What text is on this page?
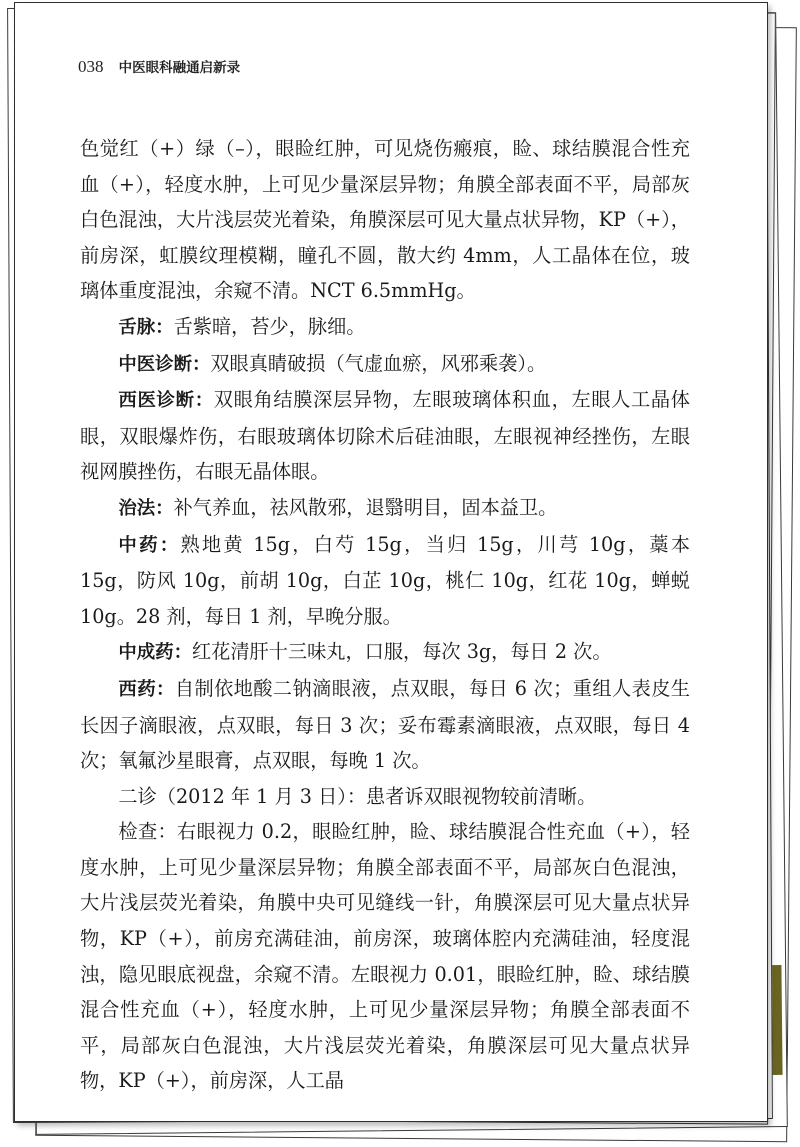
038 中医眼科融通启新录

色觉红（+）绿（–），眼睑红肿，可见烧伤瘢痕，睑、球结膜混合性充血（+），轻度水肿，上可见少量深层异物；角膜全部表面不平，局部灰白色混浊，大片浅层荧光着染，角膜深层可见大量点状异物，KP（+），前房深，虹膜纹理模糊，瞳孔不圆，散大约 4mm，人工晶体在位，玻璃体重度混浊，余窥不清。NCT 6.5mmHg。

舌脉：舌紫暗，苔少，脉细。

中医诊断：双眼真睛破损（气虚血瘀，风邪乘袭）。

西医诊断：双眼角结膜深层异物，左眼玻璃体积血，左眼人工晶体眼，双眼爆炸伤，右眼玻璃体切除术后硅油眼，左眼视神经挫伤，左眼视网膜挫伤，右眼无晶体眼。

治法：补气养血，祛风散邪，退翳明目，固本益卫。

中药：熟地黄 15g，白芍 15g，当归 15g，川芎 10g，藁本 15g，防风 10g，前胡 10g，白芷 10g，桃仁 10g，红花 10g，蝉蜕 10g。28 剂，每日 1 剂，早晚分服。

中成药：红花清肝十三味丸，口服，每次 3g，每日 2 次。

西药：自制依地酸二钠滴眼液，点双眼，每日 6 次；重组人表皮生长因子滴眼液，点双眼，每日 3 次；妥布霉素滴眼液，点双眼，每日 4 次；氧氟沙星眼膏，点双眼，每晚 1 次。

二诊（2012 年 1 月 3 日）：患者诉双眼视物较前清晰。

检查：右眼视力 0.2，眼睑红肿，睑、球结膜混合性充血（+），轻度水肿，上可见少量深层异物；角膜全部表面不平，局部灰白色混浊，大片浅层荧光着染，角膜中央可见缝线一针，角膜深层可见大量点状异物，KP（+），前房充满硅油，前房深，玻璃体腔内充满硅油，轻度混浊，隐见眼底视盘，余窥不清。左眼视力 0.01，眼睑红肿，睑、球结膜混合性充血（+），轻度水肿，上可见少量深层异物；角膜全部表面不平，局部灰白色混浊，大片浅层荧光着染，角膜深层可见大量点状异物，KP（+），前房深，人工晶
